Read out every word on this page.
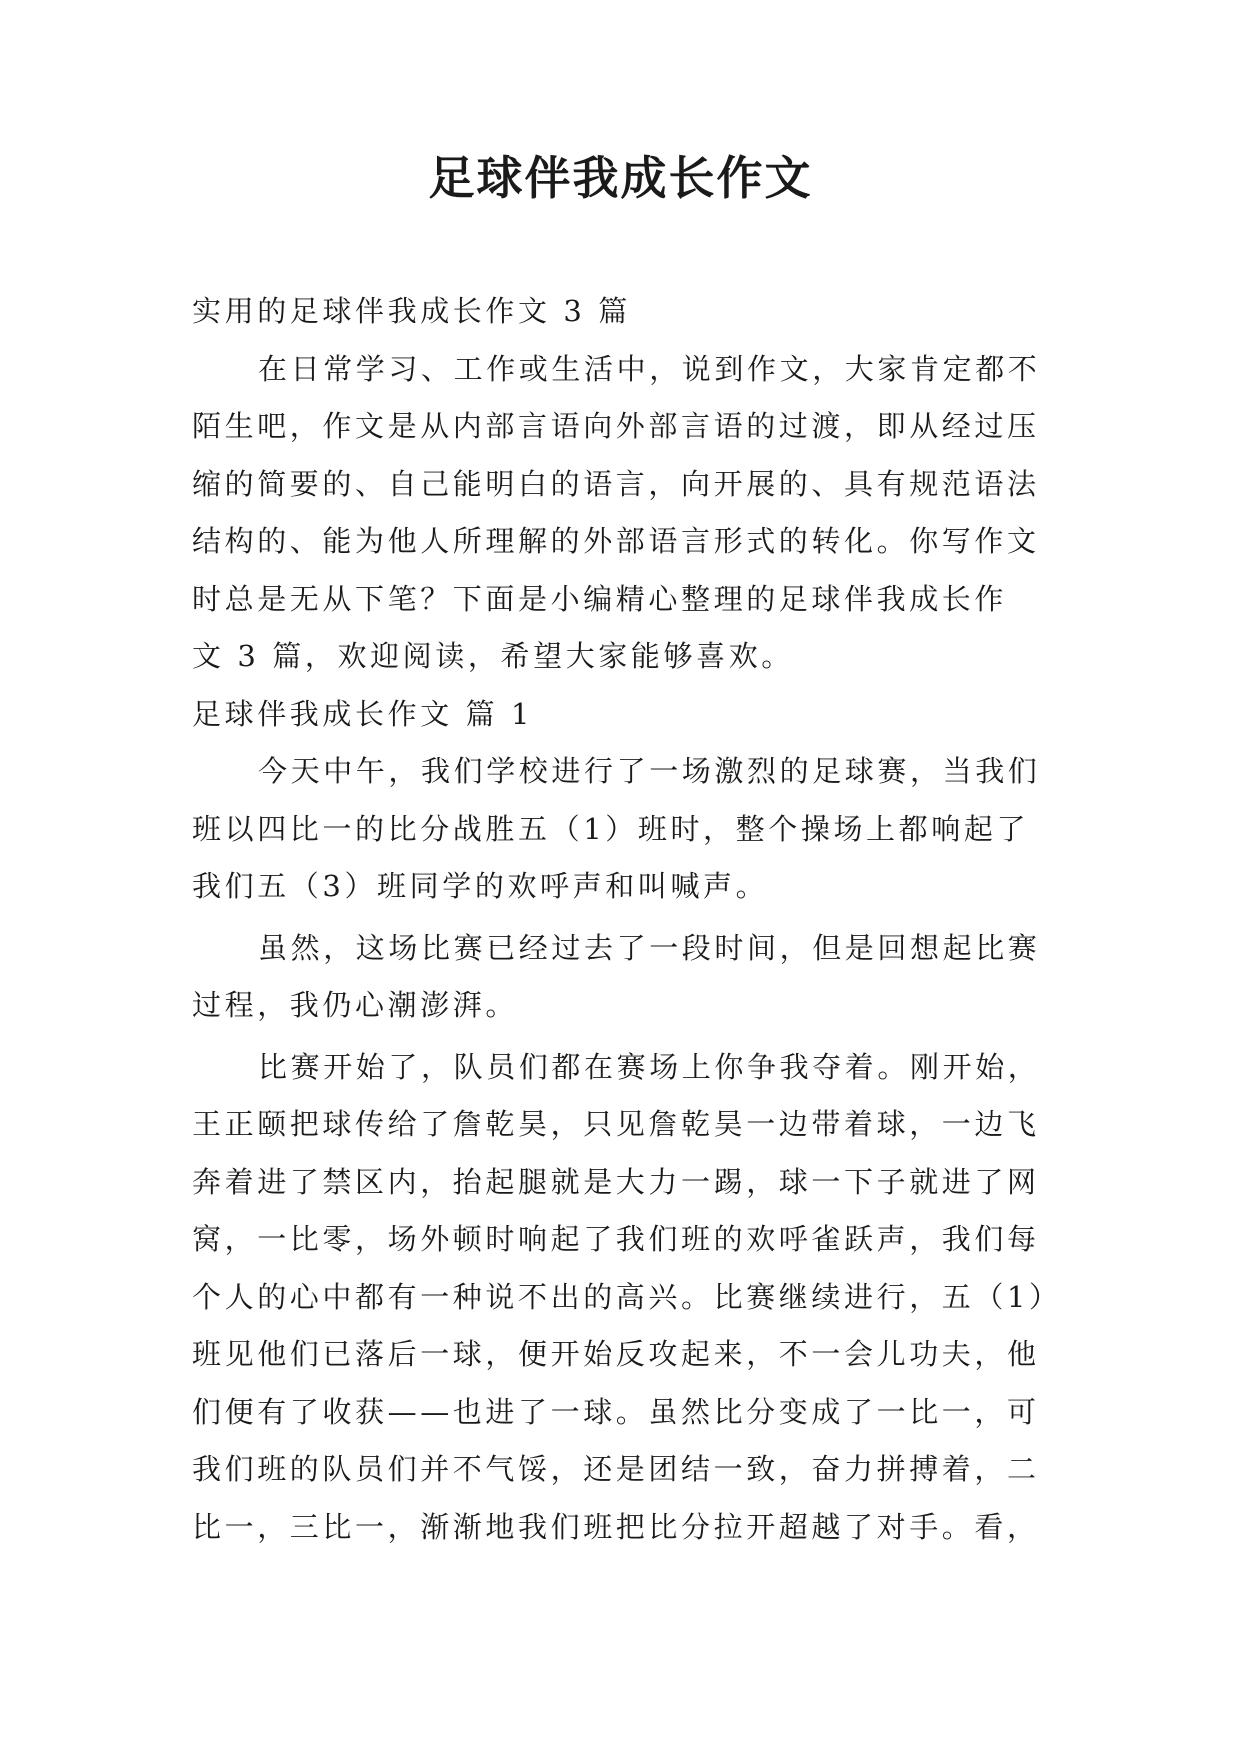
足球伴我成长作文

实用的足球伴我成长作文 3 篇

在日常学习、工作或生活中，说到作文，大家肯定都不

陌生吧，作文是从内部言语向外部言语的过渡，即从经过压

缩的简要的、自己能明白的语言，向开展的、具有规范语法

结构的、能为他人所理解的外部语言形式的转化。你写作文

时总是无从下笔？下面是小编精心整理的足球伴我成长作

文 3 篇，欢迎阅读，希望大家能够喜欢。

足球伴我成长作文 篇 1

今天中午，我们学校进行了一场激烈的足球赛，当我们

班以四比一的比分战胜五（1）班时，整个操场上都响起了

我们五（3）班同学的欢呼声和叫喊声。

虽然，这场比赛已经过去了一段时间，但是回想起比赛

过程，我仍心潮澎湃。

比赛开始了，队员们都在赛场上你争我夺着。刚开始，

王正颐把球传给了詹乾昊，只见詹乾昊一边带着球，一边飞

奔着进了禁区内，抬起腿就是大力一踢，球一下子就进了网

窝，一比零，场外顿时响起了我们班的欢呼雀跃声，我们每

个人的心中都有一种说不出的高兴。比赛继续进行，五（1）

班见他们已落后一球，便开始反攻起来，不一会儿功夫，他

们便有了收获——也进了一球。虽然比分变成了一比一，可

我们班的队员们并不气馁，还是团结一致，奋力拼搏着，二

比一，三比一，渐渐地我们班把比分拉开超越了对手。看，
